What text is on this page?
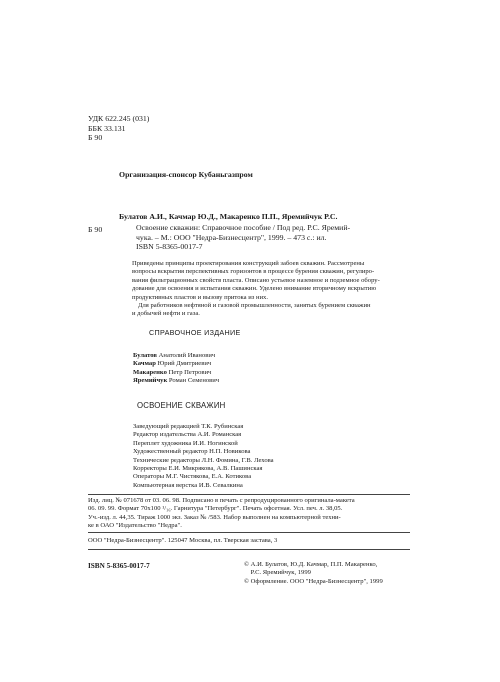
УДК 622.245 (031)
ББК 33.131
Б 90
Организация-спонсор Кубаньгазпром
Б 90
Булатов А.И., Качмар Ю.Д., Макаренко П.П., Яремийчук Р.С.
Освоение скважин: Справочное пособие / Под ред. Р.С. Яремий-
чука. – М.: ООО "Недра-Бизнесцентр", 1999. – 473 с.: ил.
ISBN 5-8365-0017-7
Приведены принципы проектирования конструкций забоев скважин. Рассмотрены
вопросы вскрытия перспективных горизонтов в процессе бурения скважин, регулиро-
вания фильтрационных свойств пласта. Описано устьевое наземное и подземное обору-
дование для освоения и испытания скважин. Уделено внимание вторичному вскрытию
продуктивных пластов и вызову притока из них.
Для работников нефтяной и газовой промышленности, занятых бурением скважин
и добычей нефти и газа.
СПРАВОЧНОЕ ИЗДАНИЕ
Булатов Анатолий Иванович
Качмар Юрий Дмитриевич
Макаренко Петр Петрович
Яремийчук Роман Семенович
ОСВОЕНИЕ СКВАЖИН
Заведующий редакцией Т.К. Рубинская
Редактор издательства А.И. Романская
Переплет художника И.И. Ногинской
Художественный редактор Н.П. Новикова
Технические редакторы Л.Н. Фомина, Г.В. Лехова
Корректоры Е.И. Микрякова, А.В. Пашинская
Операторы М.Г. Чистякова, Е.А. Котикова
Компьютерная верстка И.В. Севалкина
Изд. лиц. № 071678 от 03. 06. 98. Подписано в печать с репродуцированного оригинала-макета
06. 09. 99. Формат 70x100 ¹/₁₆. Гарнитура "Петербург". Печать офсетная. Усл. печ. л. 38,05.
Уч.-изд. л. 44,35. Тираж 1000 экз. Заказ № /583. Набор выполнен на компьютерной техни-
ке в ОАО "Издательство "Недра".
ООО "Недра-Бизнесцентр". 125047 Москва, пл. Тверская застава, 3
ISBN 5-8365-0017-7	© А.И. Булатов, Ю.Д. Качмар, П.П. Макаренко,
Р.С. Яремийчук, 1999
© Оформление. ООО "Недра-Бизнесцентр", 1999
